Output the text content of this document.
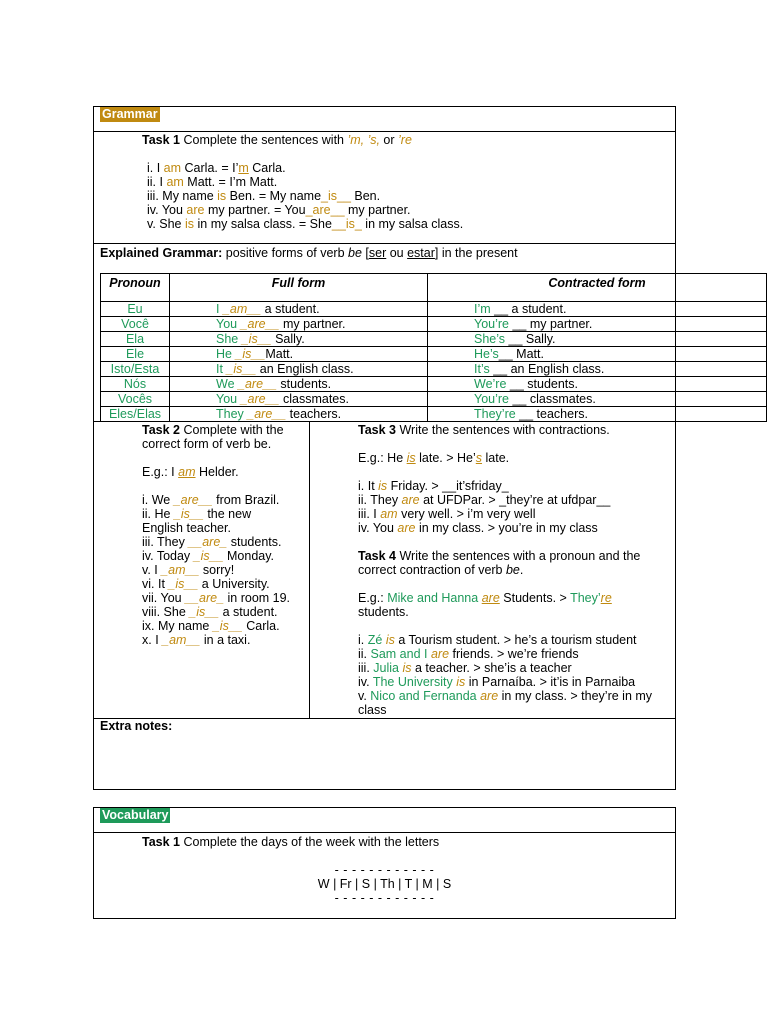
Grammar
Task 1 Complete the sentences with ’m, ’s, or ’re
i. I am Carla. = I’m Carla.
ii. I am Matt. = I’m Matt.
iii. My name is Ben. = My name_is__ Ben.
iv. You are my partner. = You_are__ my partner.
v. She is in my salsa class. = She__is_ in my salsa class.
Explained Grammar: positive forms of verb be [ser ou estar] in the present
Pronoun	Full form	Contracted form
Eu	I _am__ a student.	I’m __ a student.
Você	You _are__ my partner.	You’re __ my partner.
Ela	She _is__ Sally.	She’s __ Sally.
Ele	He _is__Matt.	He’s__ Matt.
Isto/Esta	It _is__ an English class.	It’s __ an English class.
Nós	We _are__ students.	We’re __ students.
Vocês	You _are__ classmates.	You’re __ classmates.
Eles/Elas	They _are__ teachers.	They’re __ teachers.
Task 2 Complete with the
correct form of verb be.
E.g.: I am Helder.
i. We _are__ from Brazil.
ii. He _is__ the new
English teacher.
iii. They __are_ students.
iv. Today _is__ Monday.
v. I _am__ sorry!
vi. It _is__ a University.
vii. You __are_ in room 19.
viii. She _is__ a student.
ix. My name _is__ Carla.
x. I _am__ in a taxi.
Task 3 Write the sentences with contractions.
E.g.: He is late. > He’s late.
i. It is Friday. > __it’sfriday_
ii. They are at UFDPar. > _they’re at ufdpar__
iii. I am very well. > i’m very well
iv. You are in my class. > you’re in my class
Task 4 Write the sentences with a pronoun and the
correct contraction of verb be.
E.g.: Mike and Hanna are Students. > They’re
students.
i. Zé is a Tourism student. > he’s a tourism student
ii. Sam and I are friends. > we’re friends
iii. Julia is a teacher. > she’is a teacher
iv. The University is in Parnaíba. > it’is in Parnaiba
v. Nico and Fernanda are in my class. > they’re in my
class
Extra notes:
Vocabulary
Task 1 Complete the days of the week with the letters
- - - - - - - - - - - -
W | Fr | S | Th | T | M | S
- - - - - - - - - - - -
